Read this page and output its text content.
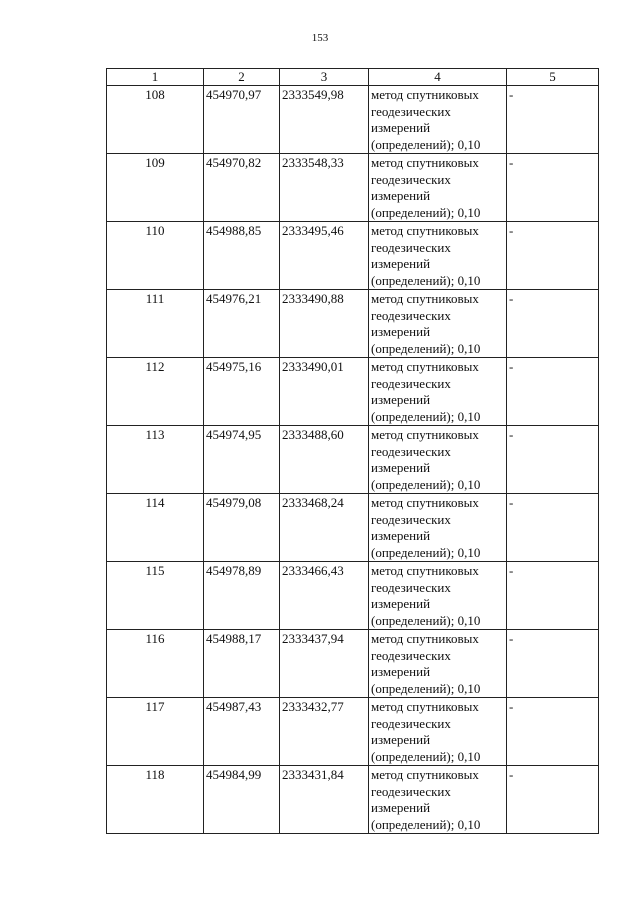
153
1	2	3	4	5
108	454970,97	2333549,98	метод спутниковых геодезических измерений (определений); 0,10	-
109	454970,82	2333548,33	метод спутниковых геодезических измерений (определений); 0,10	-
110	454988,85	2333495,46	метод спутниковых геодезических измерений (определений); 0,10	-
111	454976,21	2333490,88	метод спутниковых геодезических измерений (определений); 0,10	-
112	454975,16	2333490,01	метод спутниковых геодезических измерений (определений); 0,10	-
113	454974,95	2333488,60	метод спутниковых геодезических измерений (определений); 0,10	-
114	454979,08	2333468,24	метод спутниковых геодезических измерений (определений); 0,10	-
115	454978,89	2333466,43	метод спутниковых геодезических измерений (определений); 0,10	-
116	454988,17	2333437,94	метод спутниковых геодезических измерений (определений); 0,10	-
117	454987,43	2333432,77	метод спутниковых геодезических измерений (определений); 0,10	-
118	454984,99	2333431,84	метод спутниковых геодезических измерений (определений); 0,10	-
